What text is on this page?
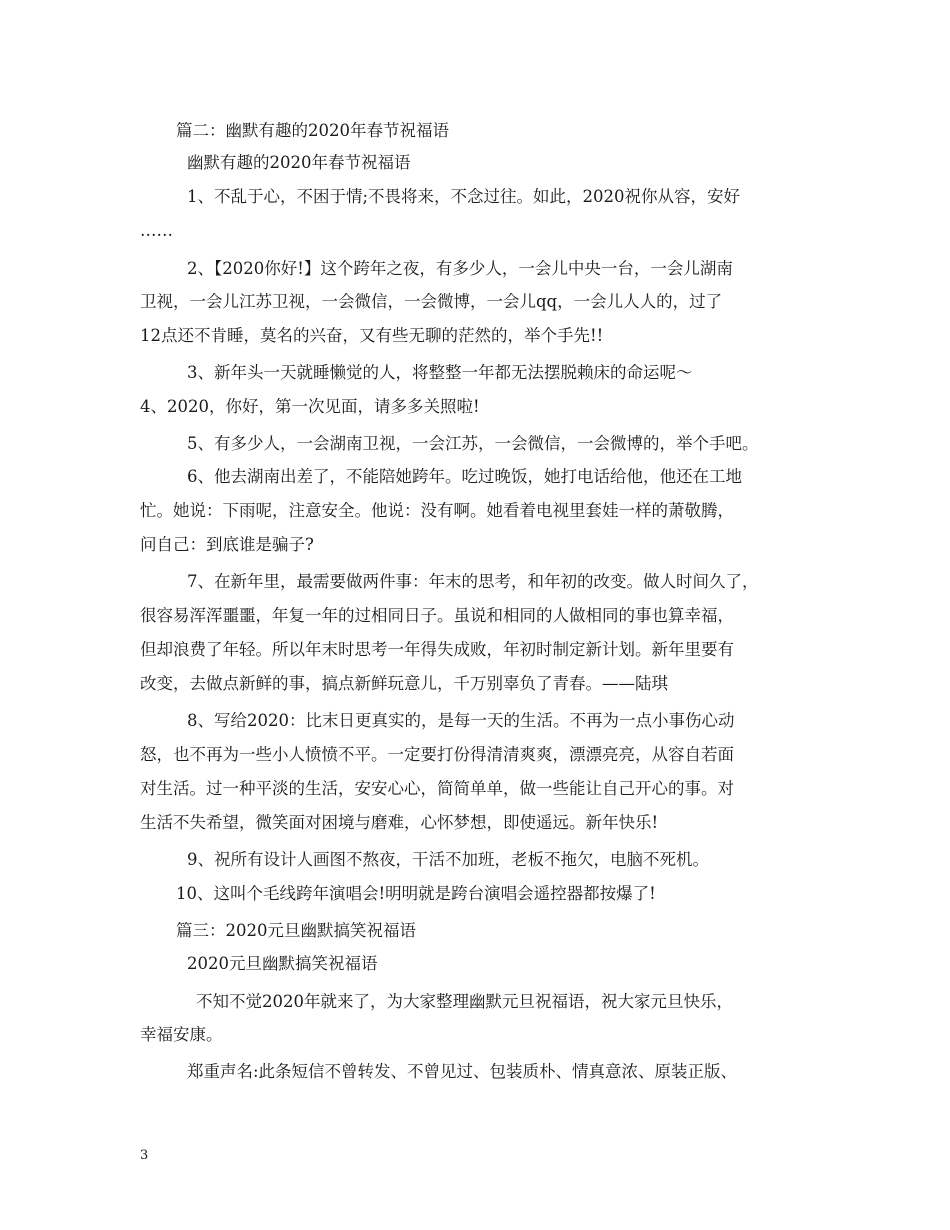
篇二：幽默有趣的2020年春节祝福语
幽默有趣的2020年春节祝福语
1、不乱于心，不困于情;不畏将来，不念过往。如此，2020祝你从容，安好
……
2、【2020你好!】这个跨年之夜，有多少人，一会儿中央一台，一会儿湖南
卫视，一会儿江苏卫视，一会微信，一会微博，一会儿qq，一会儿人人的，过了
12点还不肯睡，莫名的兴奋，又有些无聊的茫然的，举个手先!!
3、新年头一天就睡懒觉的人，将整整一年都无法摆脱赖床的命运呢～
4、2020，你好，第一次见面，请多多关照啦!
5、有多少人，一会湖南卫视，一会江苏，一会微信，一会微博的，举个手吧。
6、他去湖南出差了，不能陪她跨年。吃过晚饭，她打电话给他，他还在工地
忙。她说：下雨呢，注意安全。他说：没有啊。她看着电视里套娃一样的萧敬腾，
问自己：到底谁是骗子?
7、在新年里，最需要做两件事：年末的思考，和年初的改变。做人时间久了，
很容易浑浑噩噩，年复一年的过相同日子。虽说和相同的人做相同的事也算幸福，
但却浪费了年轻。所以年末时思考一年得失成败，年初时制定新计划。新年里要有
改变，去做点新鲜的事，搞点新鲜玩意儿，千万别辜负了青春。——陆琪
8、写给2020：比末日更真实的，是每一天的生活。不再为一点小事伤心动
怒，也不再为一些小人愤愤不平。一定要打份得清清爽爽，漂漂亮亮，从容自若面
对生活。过一种平淡的生活，安安心心，简简单单，做一些能让自己开心的事。对
生活不失希望，微笑面对困境与磨难，心怀梦想，即使遥远。新年快乐!
9、祝所有设计人画图不熬夜，干活不加班，老板不拖欠，电脑不死机。
10、这叫个毛线跨年演唱会!明明就是跨台演唱会遥控器都按爆了!
篇三：2020元旦幽默搞笑祝福语
2020元旦幽默搞笑祝福语
不知不觉2020年就来了，为大家整理幽默元旦祝福语，祝大家元旦快乐，
幸福安康。
郑重声名:此条短信不曾转发、不曾见过、包装质朴、情真意浓、原装正版、
3
